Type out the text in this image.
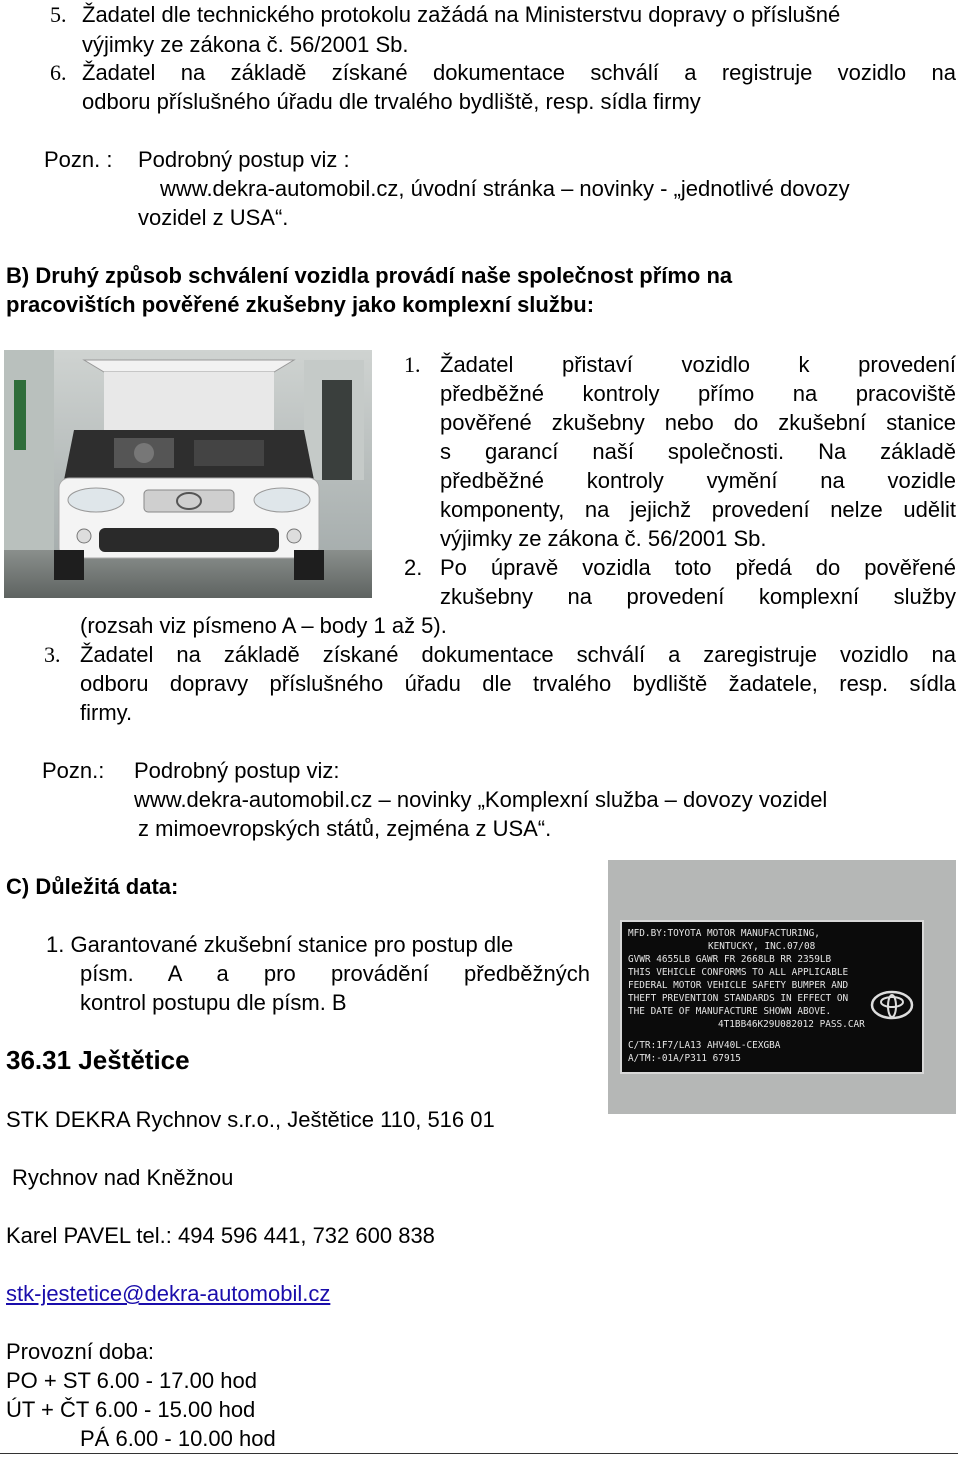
5. Žadatel dle technického protokolu zažádá na Ministerstvu dopravy o příslušné
výjimky ze zákona č. 56/2001 Sb.
6. Žadatel na základě získané dokumentace schválí a registruje vozidlo na
odboru příslušného úřadu dle trvalého bydliště, resp. sídla firmy
Pozn. : Podrobný postup viz :
www.dekra-automobil.cz, úvodní stránka – novinky - „jednotlivé dovozy
vozidel z USA“.
B) Druhý způsob schválení vozidla provádí naše společnost přímo na
pracovištích pověřené zkušebny jako komplexní službu:
1. Žadatel přistaví vozidlo k provedení
předběžné kontroly přímo na pracoviště
pověřené zkušebny nebo do zkušební stanice
s garancí naší společnosti. Na základě
předběžné kontroly vymění na vozidle
komponenty, na jejichž provedení nelze udělit
výjimky ze zákona č. 56/2001 Sb.
2. Po úpravě vozidla toto předá do pověřené
zkušebny na provedení komplexní služby
(rozsah viz písmeno A – body 1 až 5).
3. Žadatel na základě získané dokumentace schválí a zaregistruje vozidlo na
odboru dopravy příslušného úřadu dle trvalého bydliště žadatele, resp. sídla
firmy.
Pozn.: Podrobný postup viz:
www.dekra-automobil.cz – novinky „Komplexní služba – dovozy vozidel
z mimoevropských států, zejména z USA“.
C) Důležitá data:
1. Garantované zkušební stanice pro postup dle
písm. A a pro provádění předběžných
kontrol postupu dle písm. B
MFD.BY:TOYOTA MOTOR MANUFACTURING,
KENTUCKY, INC.07/08
GVWR 4655LB GAWR FR 2668LB RR 2359LB
THIS VEHICLE CONFORMS TO ALL APPLICABLE
FEDERAL MOTOR VEHICLE SAFETY BUMPER AND
THEFT PREVENTION STANDARDS IN EFFECT ON
THE DATE OF MANUFACTURE SHOWN ABOVE.
4T1BB46K29U082012 PASS.CAR
C/TR:1F7/LA13 AHV40L-CEXGBA
A/TM:-01A/P311 67915
36.31 Ještětice
STK DEKRA Rychnov s.r.o., Ještětice 110, 516 01
Rychnov nad Kněžnou
Karel PAVEL tel.: 494 596 441, 732 600 838
stk-jestetice@dekra-automobil.cz
Provozní doba:
PO + ST 6.00 - 17.00 hod
ÚT + ČT 6.00 - 15.00 hod
PÁ 6.00 - 10.00 hod
